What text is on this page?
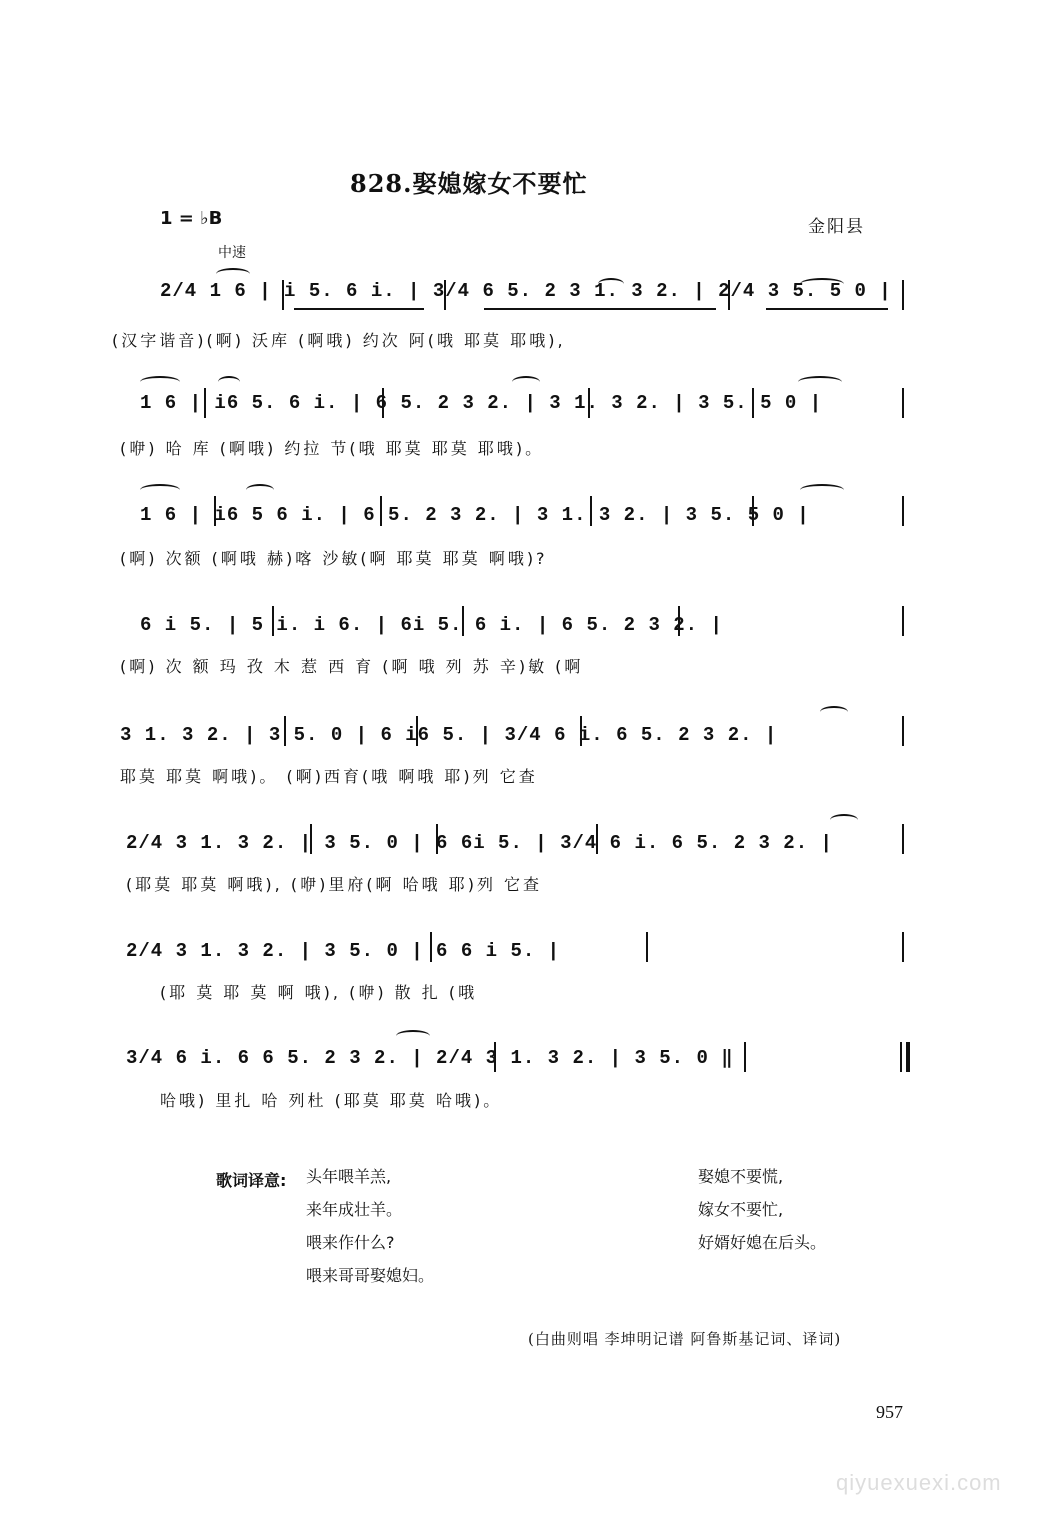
828.娶媳嫁女不要忙
1 = ♭B	金阳县
中速
2/4 1 6 | i 5. 6 i. | 3/4 6 5. 2 3 1. 3 2. | 2/4 3 5. 5 0 |
(汉字谐音)(啊) 沃库 (啊哦) 约次 阿(哦 耶莫 耶哦),
1 6 | i6 5. 6 i. | 6 5. 2 3 2. | 3 1. 3 2. | 3 5. 5 0 |
(咿) 哈 库 (啊哦) 约拉 节(哦 耶莫 耶莫 耶哦)。
1 6 | i6 5 6 i. | 6 5. 2 3 2. | 3 1. 3 2. | 3 5. 5 0 |
(啊) 次额 (啊哦 赫)喀 沙敏(啊 耶莫 耶莫 啊哦)?
6 i 5. | 5 i. i 6. | 6i 5. 6 i. | 6 5. 2 3 2. |
(啊) 次 额 玛 孜 木 惹 西 育 (啊 哦 列 苏 辛)敏 (啊
3 1. 3 2. | 3 5. 0 | 6 i6 5. | 3/4 6 i. 6 5. 2 3 2. |
耶莫 耶莫 啊哦)。 (啊)西育(哦 啊哦 耶)列 它查
2/4 3 1. 3 2. | 3 5. 0 | 6 6i 5. | 3/4 6 i. 6 5. 2 3 2. |
(耶莫 耶莫 啊哦), (咿)里府(啊 哈哦 耶)列 它查
2/4 3 1. 3 2. | 3 5. 0 | 6 6 i 5. |
(耶 莫 耶 莫 啊 哦), (咿) 散 扎 (哦
3/4 6 i. 6 6 5. 2 3 2. | 2/4 3 1. 3 2. | 3 5. 0 ‖
哈哦) 里扎 哈 列杜 (耶莫 耶莫 哈哦)。
歌词译意: 头年喂羊羔,
来年成壮羊。
喂来作什么?
喂来哥哥娶媳妇。
娶媳不要慌,
嫁女不要忙,
好婿好媳在后头。
(白曲则唱 李坤明记谱 阿鲁斯基记词、译词)
957
qiyuexuexi.com
